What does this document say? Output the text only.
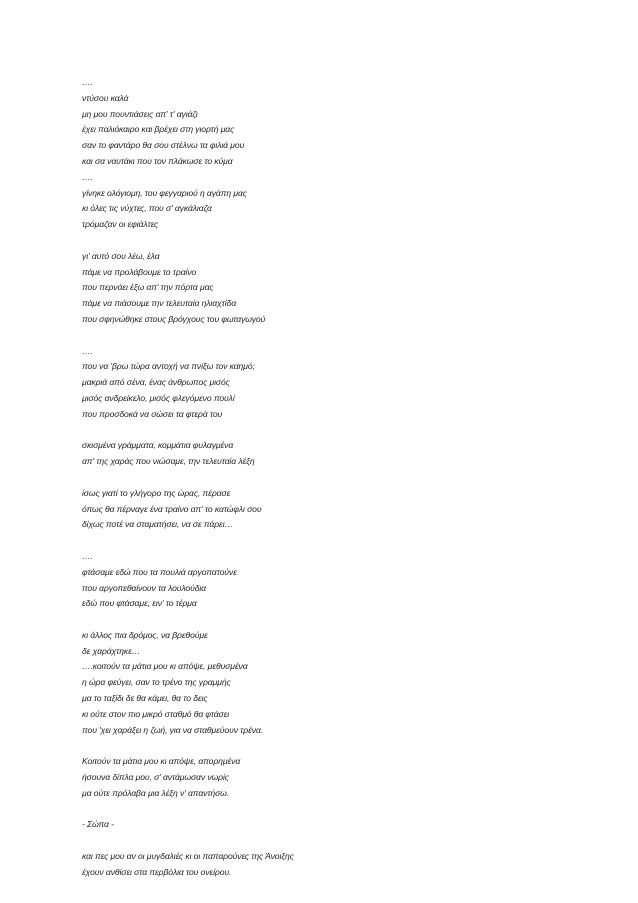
….
ντύσου καλά
μη μου πουντιάσεις απ' τ' αγιάζι
έχει παλιόκαιρο και βρέχει στη γιορτή μας
σαν το φαντάρο θα σου στέλνω τα φιλιά μου
και σα ναυτάκι που τον πλάκωσε το κύμα
….
γίνηκε ολόγιομη, του φεγγαριού η αγάπη μας
κι όλες τις νύχτες, που σ' αγκάλιαζα
τρόμαζαν οι εφιάλτες
γι' αυτό σου λέω, έλα
πάμε να προλάβουμε το τραίνο
που περνάει έξω απ' την πόρτα μας
πάμε να πιάσουμε την τελευταία ηλιαχτίδα
που σφηνώθηκε στους βρόγχους του φωταγωγού
….
που να 'βρω τώρα αντοχή να πνίξω τον καημό;
μακριά από σένα, ένας άνθρωπος μισός
μισός ανδρείκελο, μισός φλεγόμενο πουλί
που προσδοκά να σώσει τα φτερά του
σκισμένα γράμματα, κομμάτια φυλαγμένα
απ' της χαράς που νιώσαμε, την τελευταία λέξη
ίσως γιατί το γλήγορο της ώρας, πέρασε
όπως θα πέρναγε ένα τραίνο απ' το κατώφλι σου
δίχως ποτέ να σταματήσει, να σε πάρει…
….
φτάσαμε εδώ που τα πουλιά αργοπατούνε
που αργοπεθαίνουν τα λουλούδια
εδώ που φτάσαμε, ειν' το τέρμα
κι άλλος πια δρόμος, να βρεθούμε
δε χαράχτηκε…
….κοιτούν τα μάτια μου κι απόψε, μεθυσμένα
η ώρα φεύγει, σαν το τρένο της γραμμής
μα το ταξίδι δε θα κάμει, θα το δεις
κι ούτε στον πιο μικρό σταθμό θα φτάσει
που 'χει χαράξει η ζωή, για να σταθμεύουν τρένα.
Κοιτούν τα μάτια μου κι απόψε, απορημένα
ήσουνα δίπλα μου, σ' αντάμωσαν νωρίς
μα ούτε πρόλαβα μια λέξη ν' απαντήσω.
- Σώπα -
και πες μου αν οι μυγδαλιές κι οι παπαρούνες της Άνοιξης
έχουν ανθίσει στα περβόλια του ονείρου.
